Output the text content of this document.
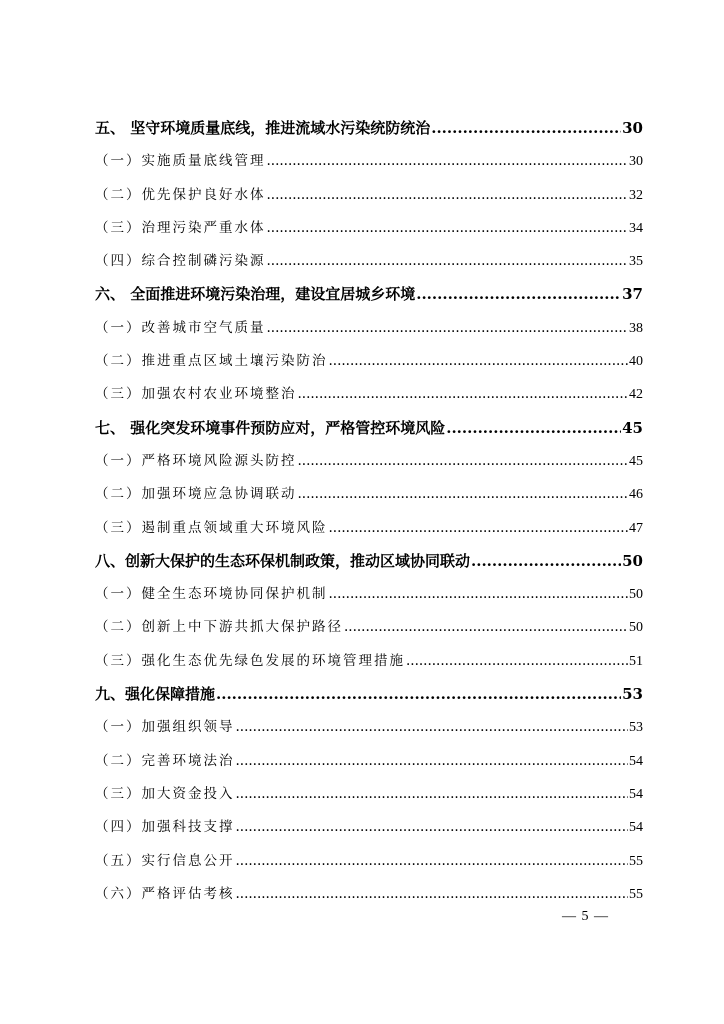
五、 坚守环境质量底线，推进流域水污染统防统治 .....	30
（一）实施质量底线管理 .....	30
（二）优先保护良好水体 .....	32
（三）治理污染严重水体 .....	34
（四）综合控制磷污染源 .....	35
六、 全面推进环境污染治理，建设宜居城乡环境 .....	37
（一）改善城市空气质量 .....	38
（二）推进重点区域土壤污染防治 .....	40
（三）加强农村农业环境整治 .....	42
七、 强化突发环境事件预防应对，严格管控环境风险 .....	45
（一）严格环境风险源头防控 .....	45
（二）加强环境应急协调联动 .....	46
（三）遏制重点领域重大环境风险 .....	47
八、创新大保护的生态环保机制政策，推动区域协同联动 .....	50
（一）健全生态环境协同保护机制 .....	50
（二）创新上中下游共抓大保护路径 .....	50
（三）强化生态优先绿色发展的环境管理措施 .....	51
九、强化保障措施 .....	53
（一）加强组织领导 .....	53
（二）完善环境法治 .....	54
（三）加大资金投入 .....	54
（四）加强科技支撑 .....	54
（五）实行信息公开 .....	55
（六）严格评估考核 .....	55
— 5 —
